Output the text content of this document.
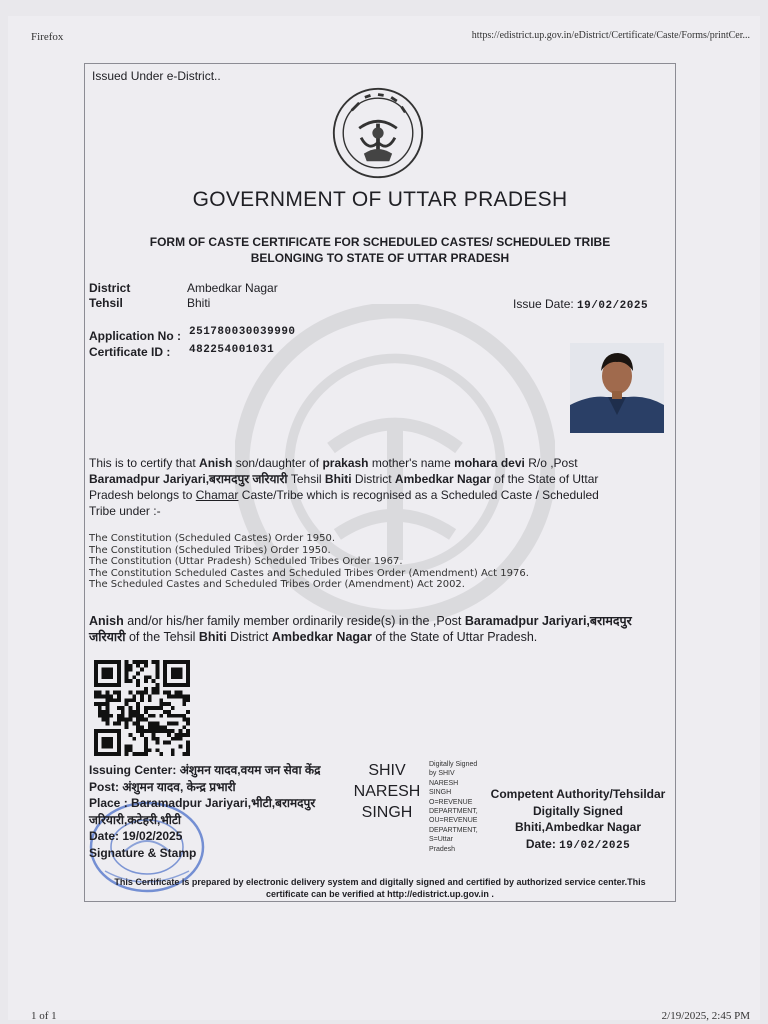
Firefox	https://edistrict.up.gov.in/eDistrict/Certificate/Caste/Forms/printCer...
Issued Under e-District..
GOVERNMENT OF UTTAR PRADESH
FORM OF CASTE CERTIFICATE FOR SCHEDULED CASTES/ SCHEDULED TRIBE
BELONGING TO STATE OF UTTAR PRADESH
District	Ambedkar Nagar
Tehsil	Bhiti	Issue Date: 19/02/2025
Application No : 251780030039990
Certificate ID : 482254001031
This is to certify that Anish son/daughter of prakash mother's name mohara devi R/o ,Post
Baramadpur Jariyari,बरामदपुर जरियारी Tehsil Bhiti District Ambedkar Nagar of the State of Uttar
Pradesh belongs to Chamar Caste/Tribe which is recognised as a Scheduled Caste / Scheduled
Tribe under :-
The Constitution (Scheduled Castes) Order 1950.
The Constitution (Scheduled Tribes) Order 1950.
The Constitution (Uttar Pradesh) Scheduled Tribes Order 1967.
The Constitution Scheduled Castes and Scheduled Tribes Order (Amendment) Act 1976.
The Scheduled Castes and Scheduled Tribes Order (Amendment) Act 2002.
Anish and/or his/her family member ordinarily reside(s) in the ,Post Baramadpur Jariyari,बरामदपुर
जरियारी of the Tehsil Bhiti District Ambedkar Nagar of the State of Uttar Pradesh.
Issuing Center: अंशुमन यादव,वयम जन सेवा केंद्र
Post: अंशुमन यादव, केन्द्र प्रभारी
Place : Baramadpur Jariyari,भीटी,बरामदपुर
जरियारी,कटेहरी,भीटी
Date: 19/02/2025
Signature & Stamp
SHIV
NARESH
SINGH
Digitally Signed
by SHIV
NARESH
SINGH
O=REVENUE
DEPARTMENT,
OU=REVENUE
DEPARTMENT,
S=Uttar
Pradesh
Competent Authority/Tehsildar
Digitally Signed
Bhiti,Ambedkar Nagar
Date: 19/02/2025
This Certificate is prepared by electronic delivery system and digitally signed and certified by authorized service center.This
certificate can be verified at http://edistrict.up.gov.in .
1 of 1	2/19/2025, 2:45 PM
